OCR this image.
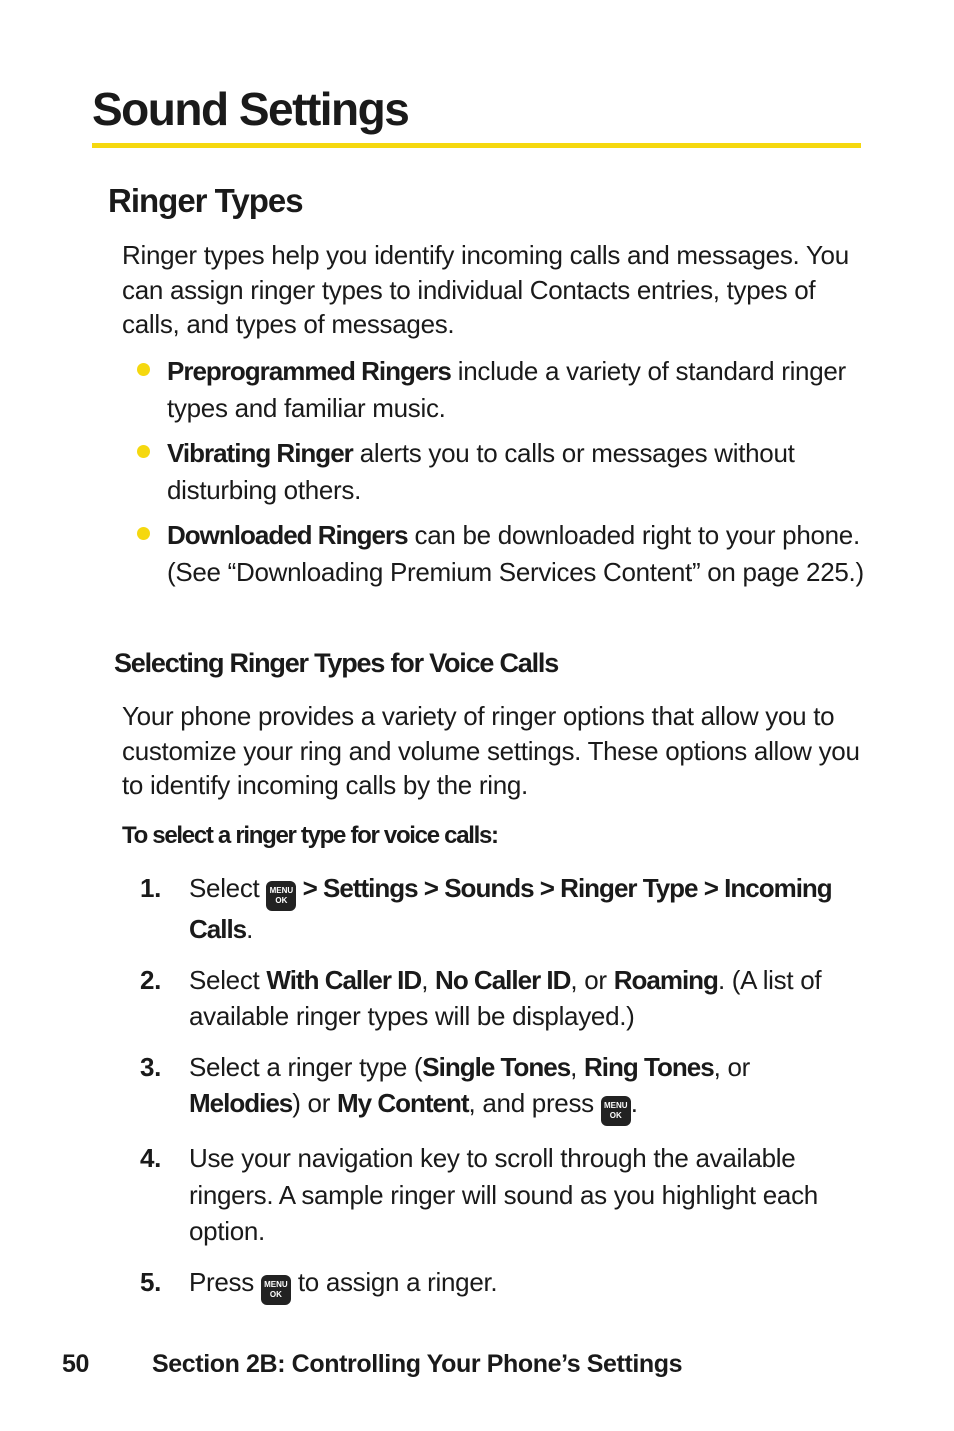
Sound Settings
Ringer Types

Ringer types help you identify incoming calls and messages. You can assign ringer types to individual Contacts entries, types of calls, and types of messages.

Preprogrammed Ringers include a variety of standard ringer types and familiar music.
Vibrating Ringer alerts you to calls or messages without disturbing others.
Downloaded Ringers can be downloaded right to your phone. (See “Downloading Premium Services Content” on page 225.)
Selecting Ringer Types for Voice Calls

Your phone provides a variety of ringer options that allow you to customize your ring and volume settings. These options allow you to identify incoming calls by the ring.

To select a ringer type for voice calls:
1. Select MENU
OK > Settings > Sounds > Ringer Type > Incoming Calls.
2. Select With Caller ID, No Caller ID, or Roaming. (A list of available ringer types will be displayed.)
3. Select a ringer type (Single Tones, Ring Tones, or Melodies) or My Content, and press MENU
OK .
4. Use your navigation key to scroll through the available ringers. A sample ringer will sound as you highlight each option.
5. Press MENU
OK to assign a ringer.
50	Section 2B: Controlling Your Phone’s Settings
